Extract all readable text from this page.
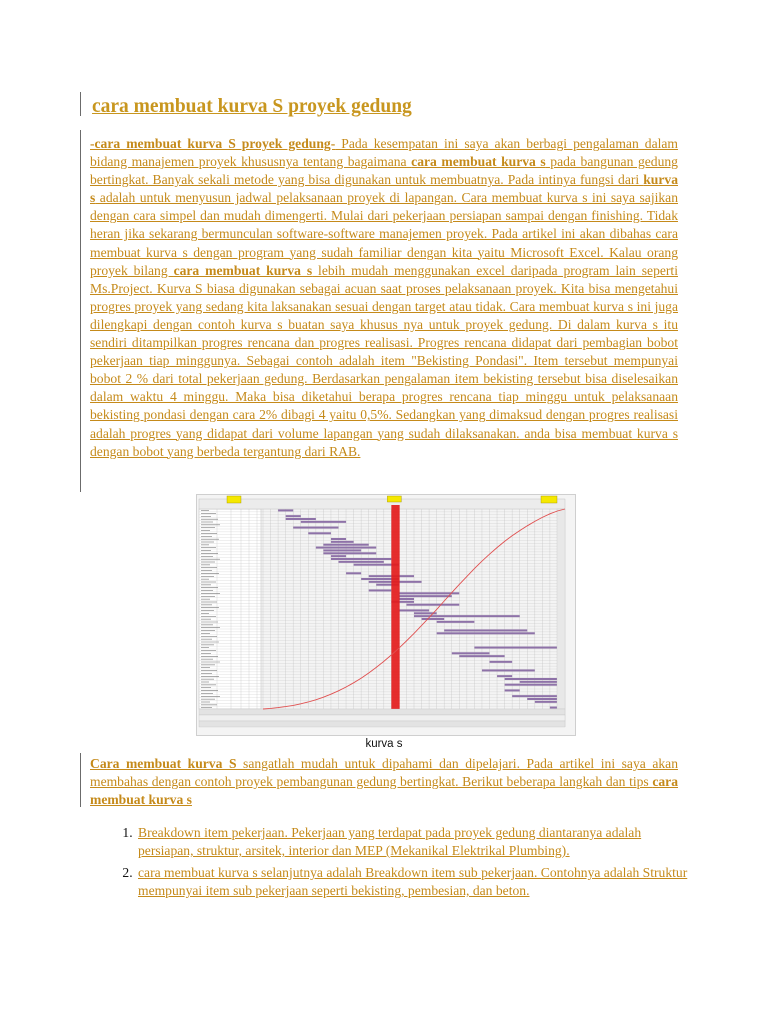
cara membuat kurva S proyek gedung
-cara membuat kurva S proyek gedung- Pada kesempatan ini saya akan berbagi pengalaman dalam bidang manajemen proyek khususnya tentang bagaimana cara membuat kurva s pada bangunan gedung bertingkat. Banyak sekali metode yang bisa digunakan untuk membuatnya. Pada intinya fungsi dari kurva s adalah untuk menyusun jadwal pelaksanaan proyek di lapangan. Cara membuat kurva s ini saya sajikan dengan cara simpel dan mudah dimengerti. Mulai dari pekerjaan persiapan sampai dengan finishing. Tidak heran jika sekarang bermunculan software-software manajemen proyek. Pada artikel ini akan dibahas cara membuat kurva s dengan program yang sudah familiar dengan kita yaitu Microsoft Excel. Kalau orang proyek bilang cara membuat kurva s lebih mudah menggunakan excel daripada program lain seperti Ms.Project. Kurva S biasa digunakan sebagai acuan saat proses pelaksanaan proyek. Kita bisa mengetahui progres proyek yang sedang kita laksanakan sesuai dengan target atau tidak. Cara membuat kurva s ini juga dilengkapi dengan contoh kurva s buatan saya khusus nya untuk proyek gedung. Di dalam kurva s itu sendiri ditampilkan progres rencana dan progres realisasi. Progres rencana didapat dari pembagian bobot pekerjaan tiap minggunya. Sebagai contoh adalah item "Bekisting Pondasi". Item tersebut mempunyai bobot 2 % dari total pekerjaan gedung. Berdasarkan pengalaman item bekisting tersebut bisa diselesaikan dalam waktu 4 minggu. Maka bisa diketahui berapa progres rencana tiap minggu untuk pelaksanaan bekisting pondasi dengan cara 2% dibagi 4 yaitu 0,5%. Sedangkan yang dimaksud dengan progres realisasi adalah progres yang didapat dari volume lapangan yang sudah dilaksanakan. anda bisa membuat kurva s dengan bobot yang berbeda tergantung dari RAB.
kurva s
Cara membuat kurva S sangatlah mudah untuk dipahami dan dipelajari. Pada artikel ini saya akan membahas dengan contoh proyek pembangunan gedung bertingkat. Berikut beberapa langkah dan tips cara membuat kurva s
1. Breakdown item pekerjaan. Pekerjaan yang terdapat pada proyek gedung diantaranya adalah persiapan, struktur, arsitek, interior dan MEP (Mekanikal Elektrikal Plumbing).
2. cara membuat kurva s selanjutnya adalah Breakdown item sub pekerjaan. Contohnya adalah Struktur mempunyai item sub pekerjaan seperti bekisting, pembesian, dan beton.
